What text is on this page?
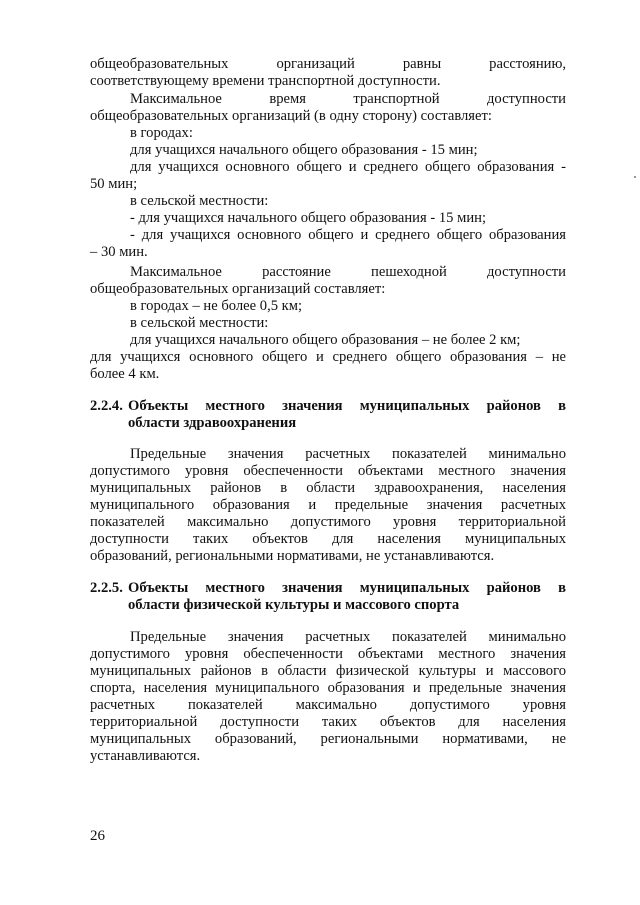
общеобразовательных организаций равны расстоянию,
соответствующему времени транспортной доступности.
Максимальное время транспортной доступности
общеобразовательных организаций (в одну сторону) составляет:
в городах:
для учащихся начального общего образования - 15 мин;
для учащихся основного общего и среднего общего образования -
50 мин;
в сельской местности:
- для учащихся начального общего образования - 15 мин;
- для учащихся основного общего и среднего общего образования
– 30 мин.
Максимальное расстояние пешеходной доступности
общеобразовательных организаций составляет:
в городах – не более 0,5 км;
в сельской местности:
для учащихся начального общего образования – не более 2 км;
для учащихся основного общего и среднего общего образования – не
более 4 км.
2.2.4. Объекты местного значения муниципальных районов в
области здравоохранения
Предельные значения расчетных показателей минимально
допустимого уровня обеспеченности объектами местного значения
муниципальных районов в области здравоохранения, населения
муниципального образования и предельные значения расчетных
показателей максимально допустимого уровня территориальной
доступности таких объектов для населения муниципальных
образований, региональными нормативами, не устанавливаются.
2.2.5. Объекты местного значения муниципальных районов в
области физической культуры и массового спорта
Предельные значения расчетных показателей минимально
допустимого уровня обеспеченности объектами местного значения
муниципальных районов в области физической культуры и массового
спорта, населения муниципального образования и предельные значения
расчетных показателей максимально допустимого уровня
территориальной доступности таких объектов для населения
муниципальных образований, региональными нормативами, не
устанавливаются.
26
